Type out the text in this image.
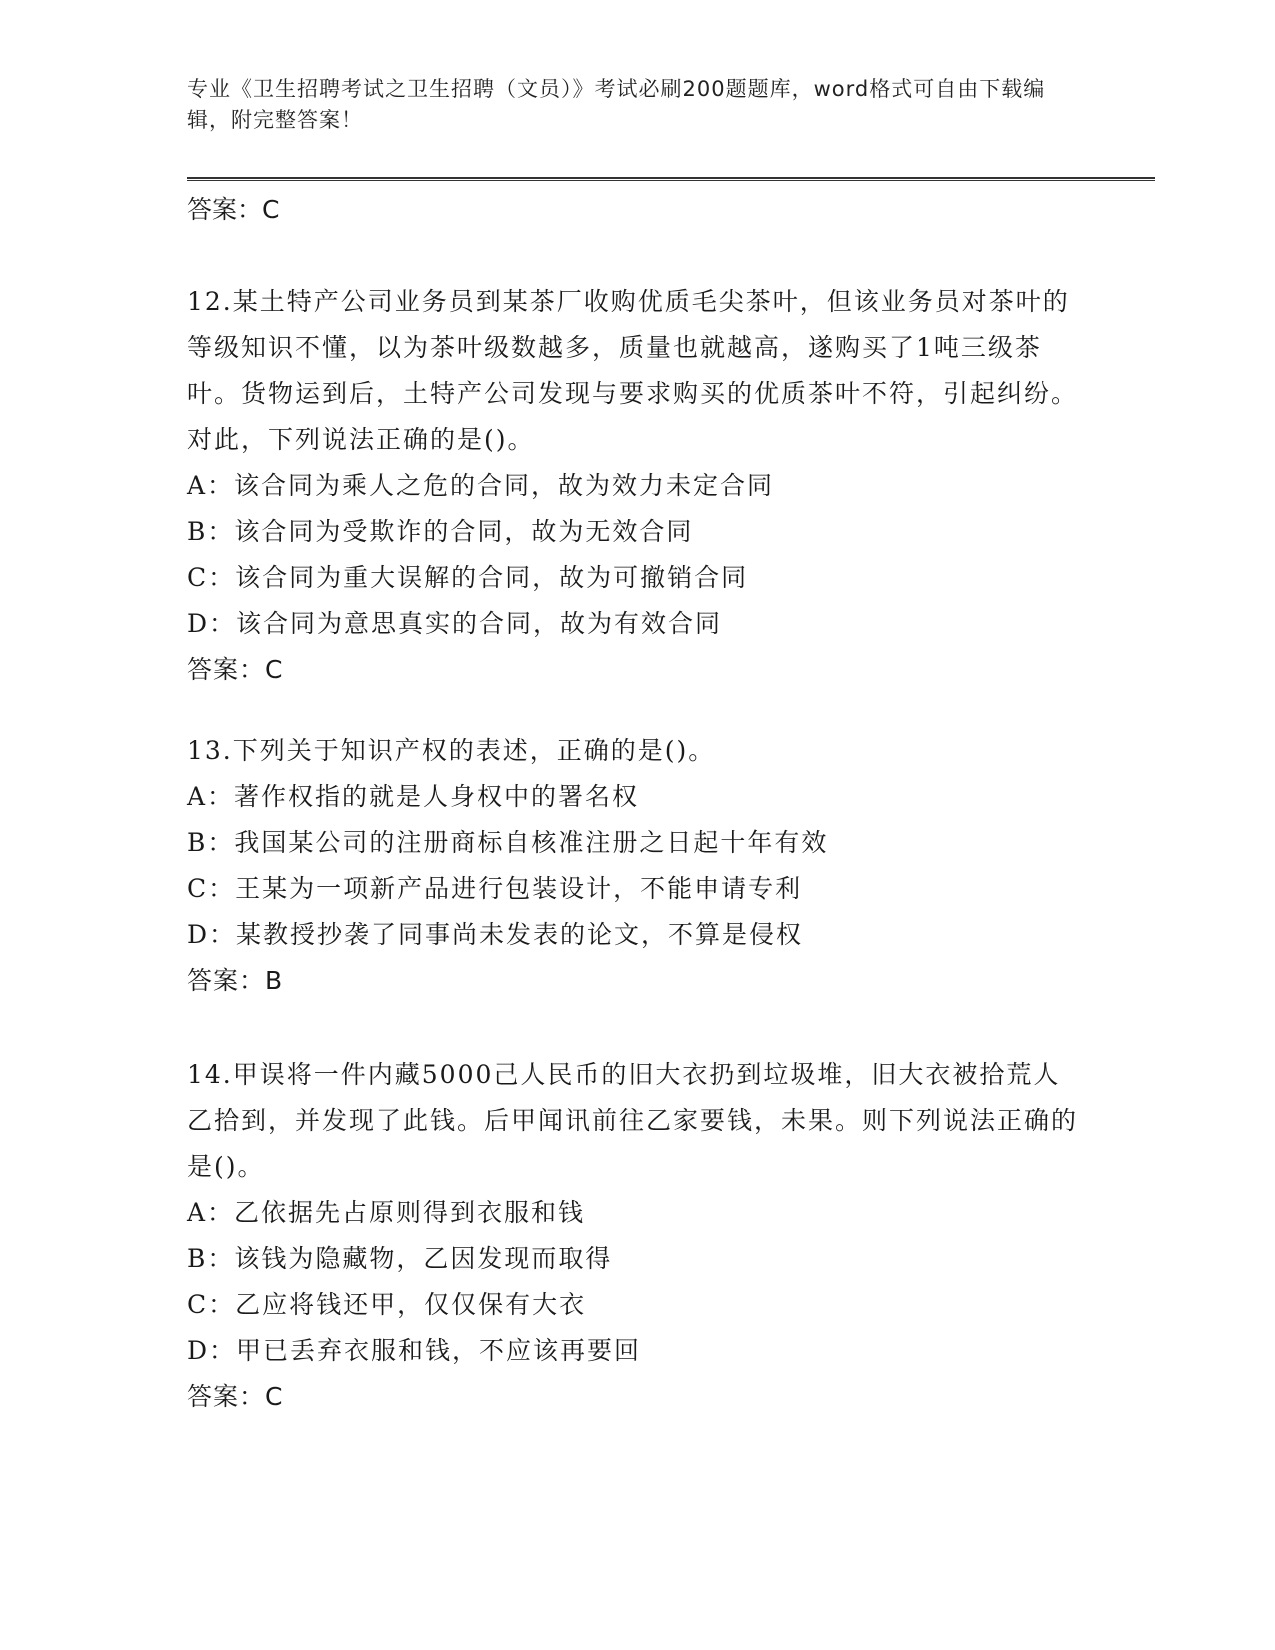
专业《卫生招聘考试之卫生招聘（文员）》考试必刷200题题库，word格式可自由下载编辑，附完整答案！
答案：C

12.某土特产公司业务员到某茶厂收购优质毛尖茶叶，但该业务员对茶叶的等级知识不懂，以为茶叶级数越多，质量也就越高，遂购买了1吨三级茶叶。货物运到后，土特产公司发现与要求购买的优质茶叶不符，引起纠纷。对此，下列说法正确的是()。

A：该合同为乘人之危的合同，故为效力未定合同
B：该合同为受欺诈的合同，故为无效合同
C：该合同为重大误解的合同，故为可撤销合同
D：该合同为意思真实的合同，故为有效合同
答案：C

13.下列关于知识产权的表述，正确的是()。

A：著作权指的就是人身权中的署名权
B：我国某公司的注册商标自核准注册之日起十年有效
C：王某为一项新产品进行包装设计，不能申请专利
D：某教授抄袭了同事尚未发表的论文，不算是侵权
答案：B

14.甲误将一件内藏5000己人民币的旧大衣扔到垃圾堆，旧大衣被拾荒人乙拾到，并发现了此钱。后甲闻讯前往乙家要钱，未果。则下列说法正确的是()。

A：乙依据先占原则得到衣服和钱
B：该钱为隐藏物，乙因发现而取得
C：乙应将钱还甲，仅仅保有大衣
D：甲已丢弃衣服和钱，不应该再要回
答案：C
